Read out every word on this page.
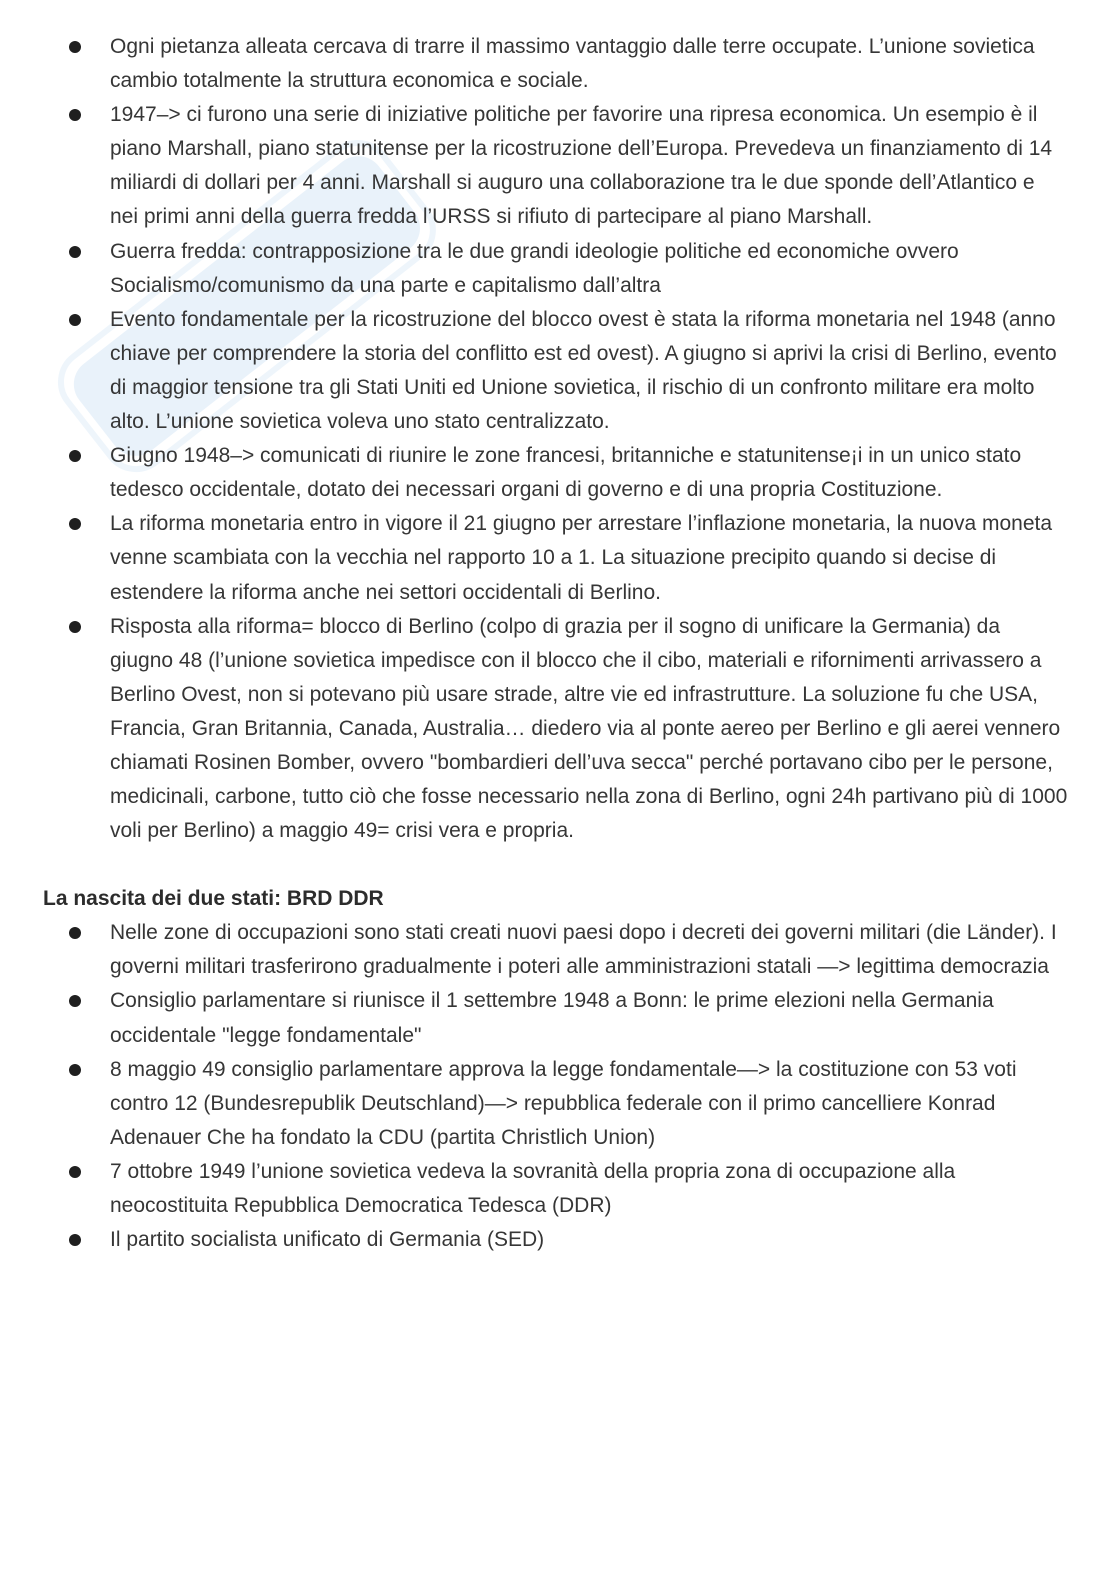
Ogni pietanza alleata cercava di trarre il massimo vantaggio dalle terre occupate. L’unione sovietica cambio totalmente la struttura economica e sociale.
1947–> ci furono una serie di iniziative politiche per favorire una ripresa economica. Un esempio è il piano Marshall, piano statunitense per la ricostruzione dell’Europa. Prevedeva un finanziamento di 14 miliardi di dollari per 4 anni. Marshall si auguro una collaborazione tra le due sponde dell’Atlantico e nei primi anni della guerra fredda l’URSS si rifiuto di partecipare al piano Marshall.
Guerra fredda: contrapposizione tra le due grandi ideologie politiche ed economiche ovvero Socialismo/comunismo da una parte e capitalismo dall’altra
Evento fondamentale per la ricostruzione del blocco ovest è stata la riforma monetaria nel 1948 (anno chiave per comprendere la storia del conflitto est ed ovest). A giugno si aprivi la crisi di Berlino, evento di maggior tensione tra gli Stati Uniti ed Unione sovietica, il rischio di un confronto militare era molto alto. L’unione sovietica voleva uno stato centralizzato.
Giugno 1948–> comunicati di riunire le zone francesi, britanniche e statunitense¡i in un unico stato tedesco occidentale, dotato dei necessari organi di governo e di una propria Costituzione.
La riforma monetaria entro in vigore il 21 giugno per arrestare l’inflazione monetaria, la nuova moneta venne scambiata con la vecchia nel rapporto 10 a 1. La situazione precipito quando si decise di estendere la riforma anche nei settori occidentali di Berlino.
Risposta alla riforma= blocco di Berlino (colpo di grazia per il sogno di unificare la Germania) da giugno 48 (l’unione sovietica impedisce con il blocco che il cibo, materiali e rifornimenti arrivassero a Berlino Ovest, non si potevano più usare strade, altre vie ed infrastrutture. La soluzione fu che USA, Francia, Gran Britannia, Canada, Australia… diedero via al ponte aereo per Berlino e gli aerei vennero chiamati Rosinen Bomber, ovvero "bombardieri dell’uva secca" perché portavano cibo per le persone, medicinali, carbone, tutto ciò che fosse necessario nella zona di Berlino, ogni 24h partivano più di 1000 voli per Berlino) a maggio 49= crisi vera e propria.
La nascita dei due stati: BRD DDR
Nelle zone di occupazioni sono stati creati nuovi paesi dopo i decreti dei governi militari (die Länder). I governi militari trasferirono gradualmente i poteri alle amministrazioni statali —> legittima democrazia
Consiglio parlamentare si riunisce il 1 settembre 1948 a Bonn: le prime elezioni nella Germania occidentale "legge fondamentale"
8 maggio 49 consiglio parlamentare approva la legge fondamentale—> la costituzione con 53 voti contro 12 (Bundesrepublik Deutschland)—> repubblica federale con il primo cancelliere Konrad Adenauer Che ha fondato la CDU (partita Christlich Union)
7 ottobre 1949 l’unione sovietica vedeva la sovranità della propria zona di occupazione alla neocostituita Repubblica Democratica Tedesca (DDR)
Il partito socialista unificato di Germania (SED)
